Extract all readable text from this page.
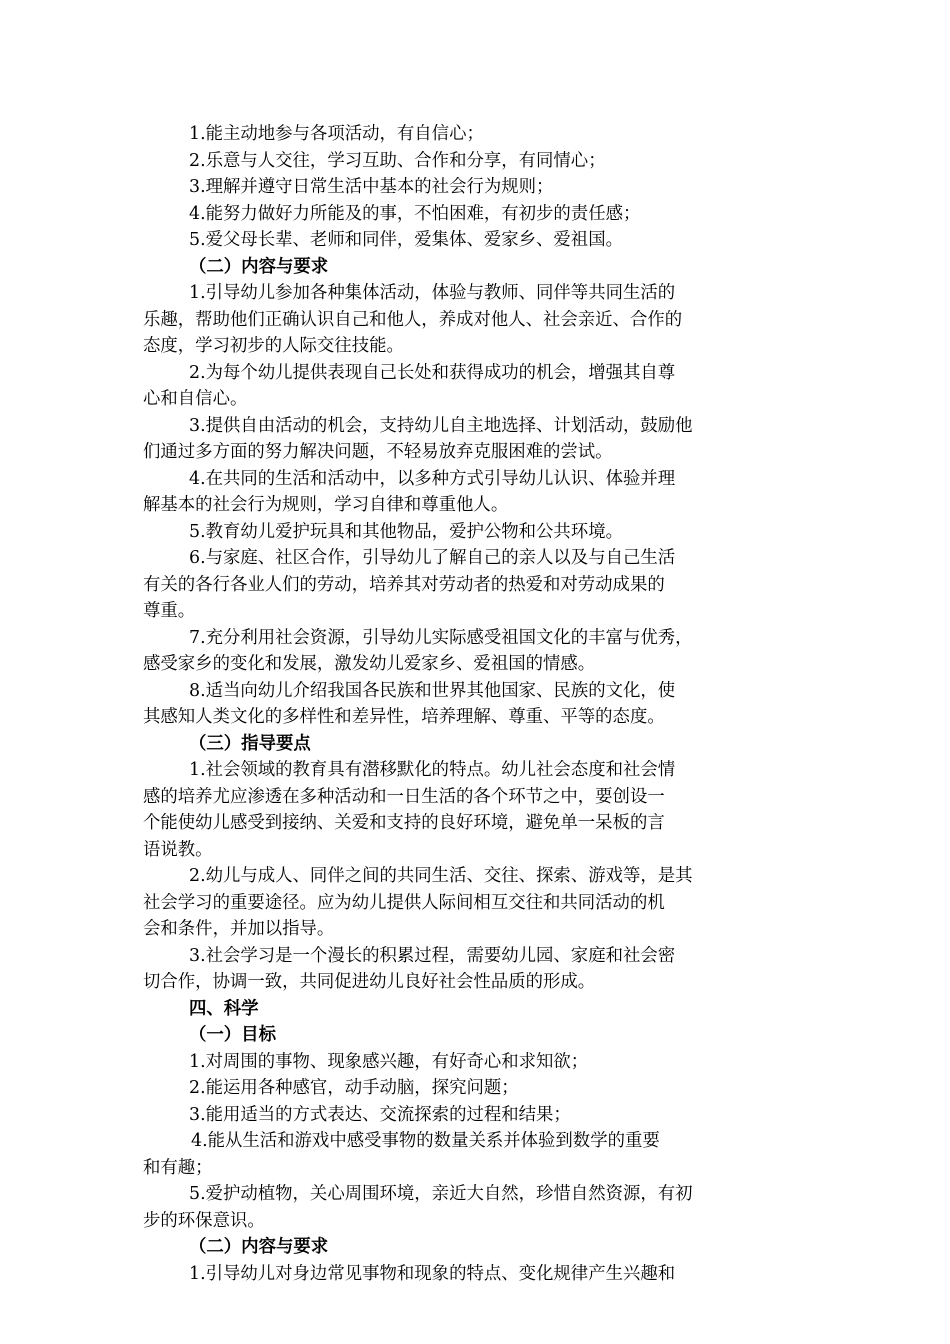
1.能主动地参与各项活动，有自信心；
2.乐意与人交往，学习互助、合作和分享，有同情心；
3.理解并遵守日常生活中基本的社会行为规则；
4.能努力做好力所能及的事，不怕困难，有初步的责任感；
5.爱父母长辈、老师和同伴，爱集体、爱家乡、爱祖国。
（二）内容与要求
1.引导幼儿参加各种集体活动，体验与教师、同伴等共同生活的
乐趣，帮助他们正确认识自己和他人，养成对他人、社会亲近、合作的
态度，学习初步的人际交往技能。
2.为每个幼儿提供表现自己长处和获得成功的机会，增强其自尊
心和自信心。
3.提供自由活动的机会，支持幼儿自主地选择、计划活动，鼓励他
们通过多方面的努力解决问题，不轻易放弃克服困难的尝试。
4.在共同的生活和活动中，以多种方式引导幼儿认识、体验并理
解基本的社会行为规则，学习自律和尊重他人。
5.教育幼儿爱护玩具和其他物品，爱护公物和公共环境。
6.与家庭、社区合作，引导幼儿了解自己的亲人以及与自己生活
有关的各行各业人们的劳动，培养其对劳动者的热爱和对劳动成果的
尊重。
7.充分利用社会资源，引导幼儿实际感受祖国文化的丰富与优秀，
感受家乡的变化和发展，激发幼儿爱家乡、爱祖国的情感。
8.适当向幼儿介绍我国各民族和世界其他国家、民族的文化，使
其感知人类文化的多样性和差异性，培养理解、尊重、平等的态度。
（三）指导要点
1.社会领域的教育具有潜移默化的特点。幼儿社会态度和社会情
感的培养尤应渗透在多种活动和一日生活的各个环节之中，要创设一
个能使幼儿感受到接纳、关爱和支持的良好环境，避免单一呆板的言
语说教。
2.幼儿与成人、同伴之间的共同生活、交往、探索、游戏等，是其
社会学习的重要途径。应为幼儿提供人际间相互交往和共同活动的机
会和条件，并加以指导。
3.社会学习是一个漫长的积累过程，需要幼儿园、家庭和社会密
切合作，协调一致，共同促进幼儿良好社会性品质的形成。
四、科学
（一）目标
1.对周围的事物、现象感兴趣，有好奇心和求知欲；
2.能运用各种感官，动手动脑，探究问题；
3.能用适当的方式表达、交流探索的过程和结果；
4.能从生活和游戏中感受事物的数量关系并体验到数学的重要
和有趣；
5.爱护动植物，关心周围环境，亲近大自然，珍惜自然资源，有初
步的环保意识。
（二）内容与要求
1.引导幼儿对身边常见事物和现象的特点、变化规律产生兴趣和
